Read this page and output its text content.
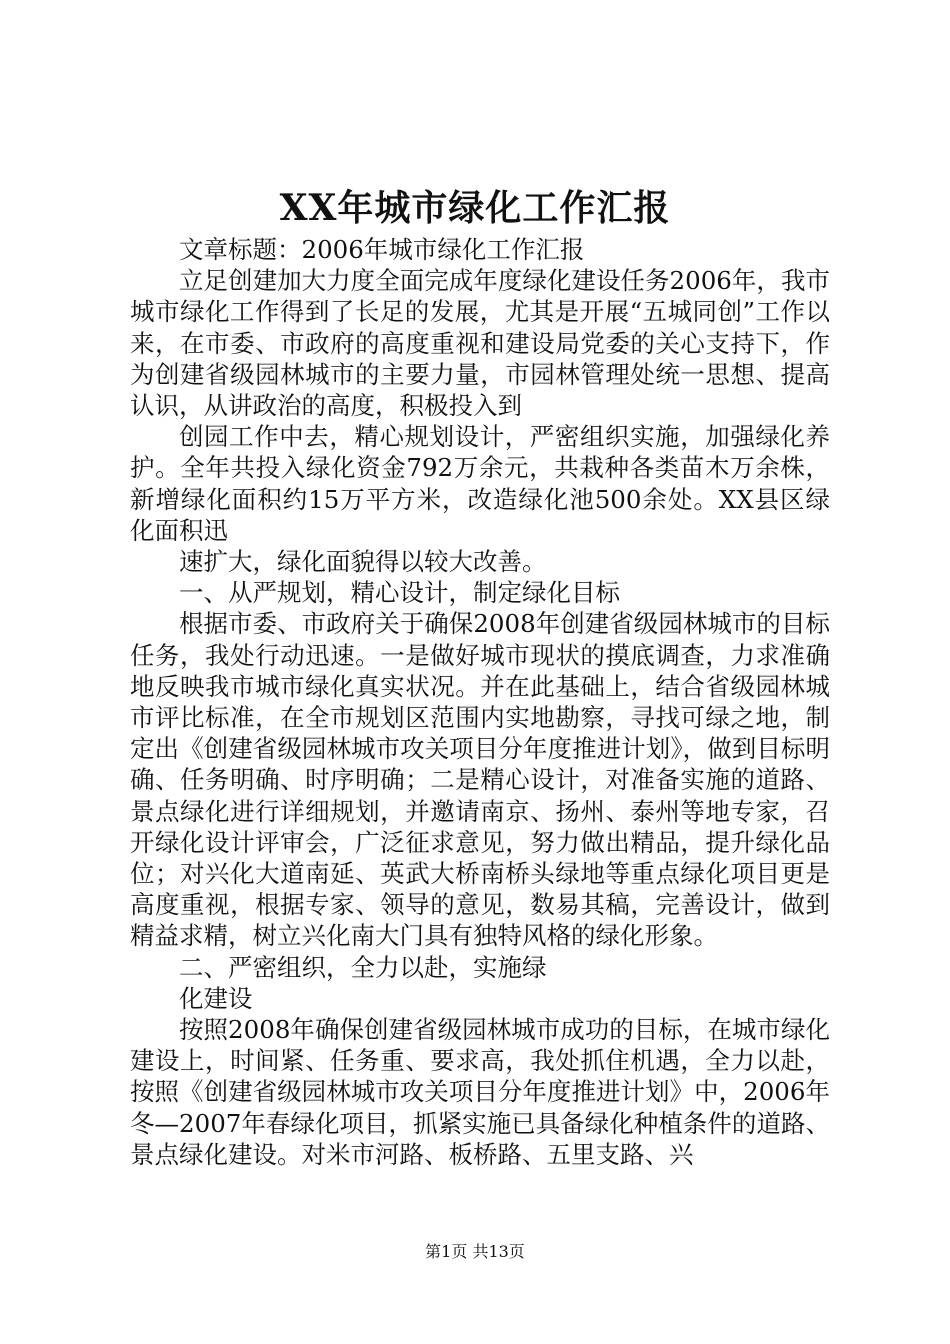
XX年城市绿化工作汇报

文章标题：2006年城市绿化工作汇报

立足创建加大力度全面完成年度绿化建设任务2006年，我市城市绿化工作得到了长足的发展，尤其是开展“五城同创”工作以来，在市委、市政府的高度重视和建设局党委的关心支持下，作为创建省级园林城市的主要力量，市园林管理处统一思想、提高认识，从讲政治的高度，积极投入到

创园工作中去，精心规划设计，严密组织实施，加强绿化养护。全年共投入绿化资金792万余元，共栽种各类苗木万余株，新增绿化面积约15万平方米，改造绿化池500余处。XX县区绿化面积迅

速扩大，绿化面貌得以较大改善。

一、从严规划，精心设计，制定绿化目标

根据市委、市政府关于确保2008年创建省级园林城市的目标任务，我处行动迅速。一是做好城市现状的摸底调查，力求准确地反映我市城市绿化真实状况。并在此基础上，结合省级园林城市评比标准，在全市规划区范围内实地勘察，寻找可绿之地，制定出《创建省级园林城市攻关项目分年度推进计划》，做到目标明确、任务明确、时序明确；二是精心设计，对准备实施的道路、景点绿化进行详细规划，并邀请南京、扬州、泰州等地专家，召开绿化设计评审会，广泛征求意见，努力做出精品，提升绿化品位；对兴化大道南延、英武大桥南桥头绿地等重点绿化项目更是高度重视，根据专家、领导的意见，数易其稿，完善设计，做到精益求精，树立兴化南大门具有独特风格的绿化形象。

二、严密组织，全力以赴，实施绿

化建设

按照2008年确保创建省级园林城市成功的目标，在城市绿化建设上，时间紧、任务重、要求高，我处抓住机遇，全力以赴，按照《创建省级园林城市攻关项目分年度推进计划》中，2006年冬—2007年春绿化项目，抓紧实施已具备绿化种植条件的道路、景点绿化建设。对米市河路、板桥路、五里支路、兴

第1页 共13页
